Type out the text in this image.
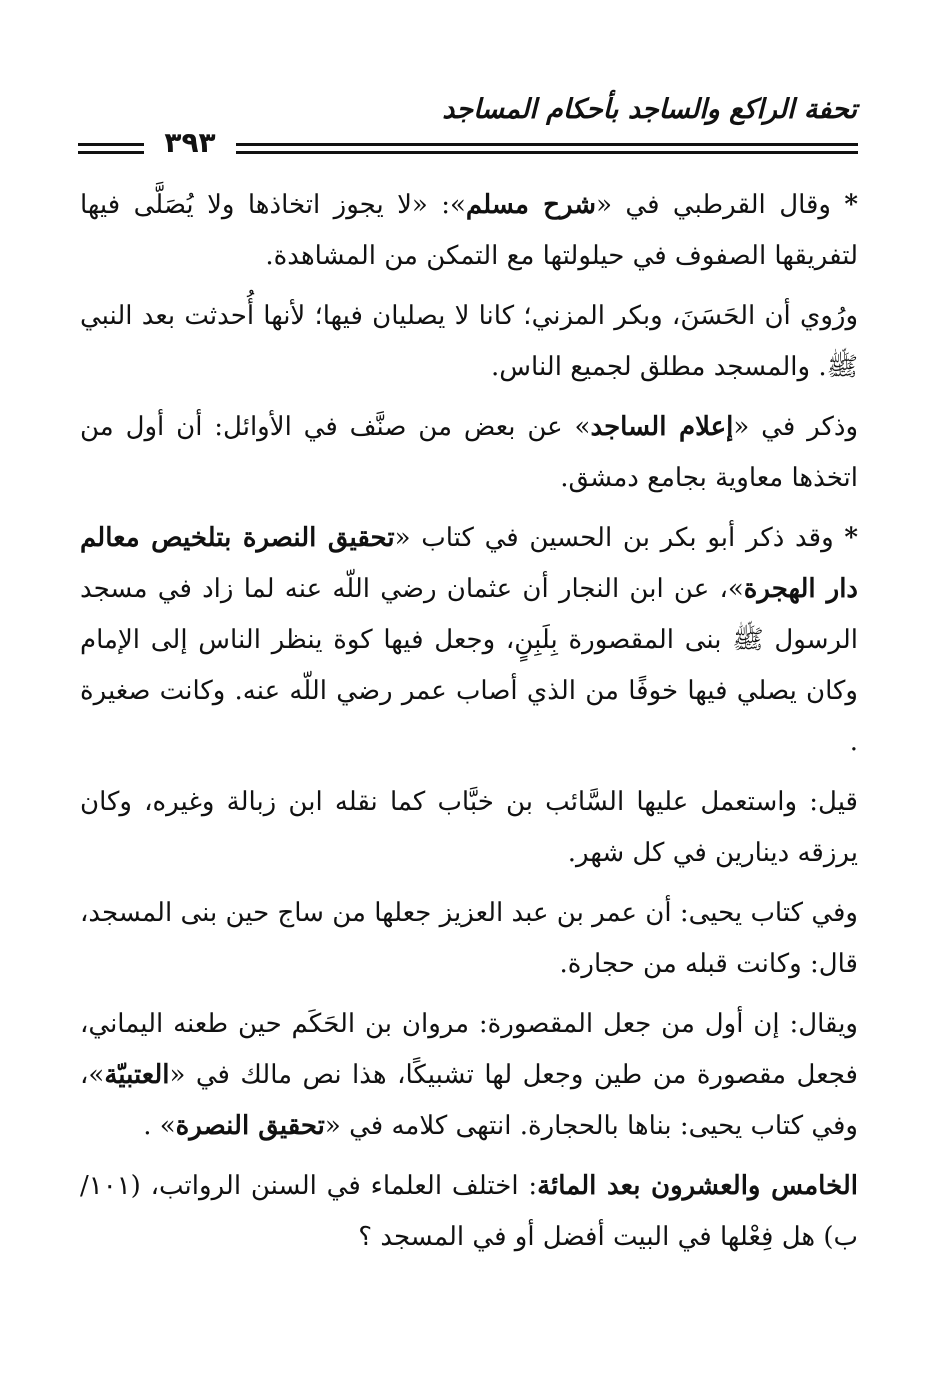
تحفة الراكع والساجد بأحكام المساجد
٣٩٣

* وقال القرطبي في «شرح مسلم»: «لا يجوز اتخاذها ولا يُصَلَّى فيها لتفريقها الصفوف في حيلولتها مع التمكن من المشاهدة.

ورُوي أن الحَسَنَ، وبكر المزني؛ كانا لا يصليان فيها؛ لأنها أُحدثت بعد النبي ﷺ. والمسجد مطلق لجميع الناس.

وذكر في «إعلام الساجد» عن بعض من صنَّف في الأوائل: أن أول من اتخذها معاوية بجامع دمشق.

* وقد ذكر أبو بكر بن الحسين في كتاب «تحقيق النصرة بتلخيص معالم دار الهجرة»، عن ابن النجار أن عثمان رضي اللّه عنه لما زاد في مسجد الرسول ﷺ بنى المقصورة بِلَبِنٍ، وجعل فيها كوة ينظر الناس إلى الإمام وكان يصلي فيها خوفًا من الذي أصاب عمر رضي اللّه عنه. وكانت صغيرة .

قيل: واستعمل عليها السَّائب بن خبَّاب كما نقله ابن زبالة وغيره، وكان يرزقه دينارين في كل شهر.

وفي كتاب يحيى: أن عمر بن عبد العزيز جعلها من ساج حين بنى المسجد، قال: وكانت قبله من حجارة.

ويقال: إن أول من جعل المقصورة: مروان بن الحَكَم حين طعنه اليماني، فجعل مقصورة من طين وجعل لها تشبيكًا، هذا نص مالك في «العتبيّة»، وفي كتاب يحيى: بناها بالحجارة. انتهى كلامه في «تحقيق النصرة» .

الخامس والعشرون بعد المائة: اختلف العلماء في السنن الرواتب، (١٠١/ب) هل فِعْلها في البيت أفضل أو في المسجد ؟
